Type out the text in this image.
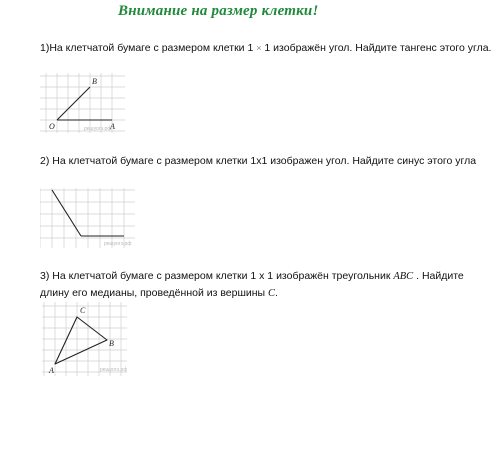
Внимание на размер клетки!
1)На клетчатой бумаге с размером клетки 1 × 1 изображён угол. Найдите тангенс этого угла.
B
O	A
решуогэ.рф
2) На клетчатой бумаге с размером клетки 1х1 изображен угол. Найдите синус этого угла
решуогэ.рф
3) На клетчатой бумаге с размером клетки 1 х 1 изображён треугольник ABC . Найдите длину его медианы, проведённой из вершины C.
C
B
A	решуогэ.рф
